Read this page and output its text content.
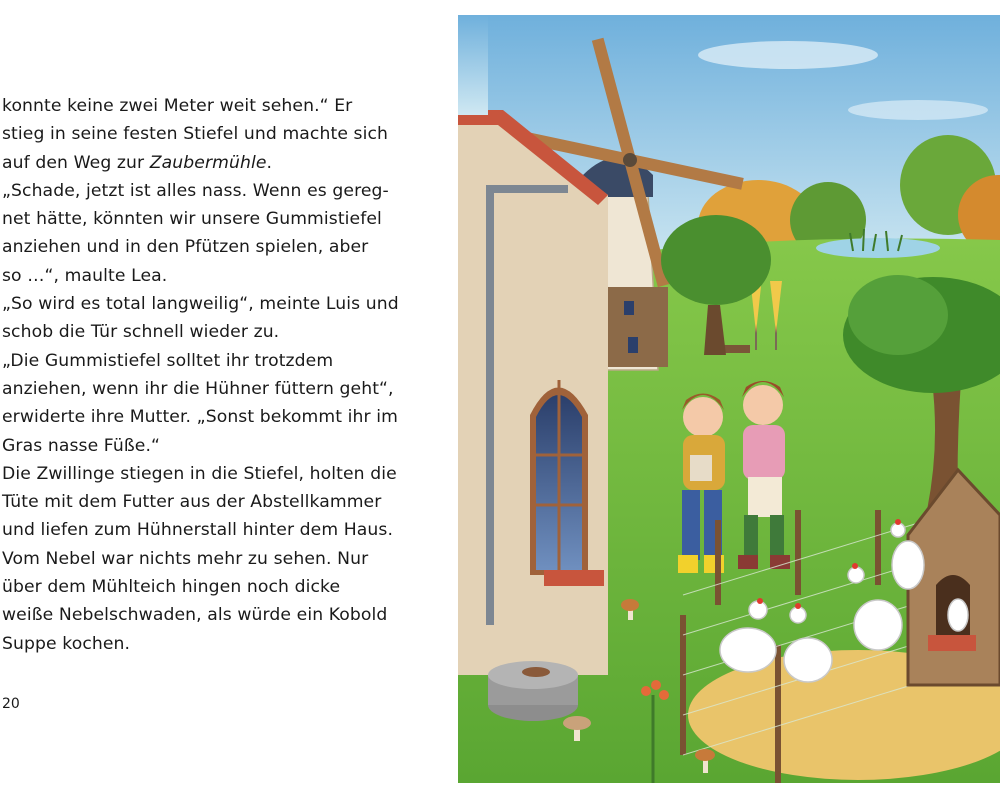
konnte keine zwei Meter weit sehen.“ Er
stieg in seine festen Stiefel und machte sich
auf den Weg zur Zaubermühle.
„Schade, jetzt ist alles nass. Wenn es gereg-
net hätte, könnten wir unsere Gummistiefel
anziehen und in den Pfützen spielen, aber
so …“, maulte Lea.
„So wird es total langweilig“, meinte Luis und
schob die Tür schnell wieder zu.
„Die Gummistiefel solltet ihr trotzdem
anziehen, wenn ihr die Hühner füttern geht“,
erwiderte ihre Mutter. „Sonst bekommt ihr im
Gras nasse Füße.“
Die Zwillinge stiegen in die Stiefel, holten die
Tüte mit dem Futter aus der Abstellkammer
und liefen zum Hühnerstall hinter dem Haus.
Vom Nebel war nichts mehr zu sehen. Nur
über dem Mühlteich hingen noch dicke
weiße Nebelschwaden, als würde ein Kobold
Suppe kochen.
20
